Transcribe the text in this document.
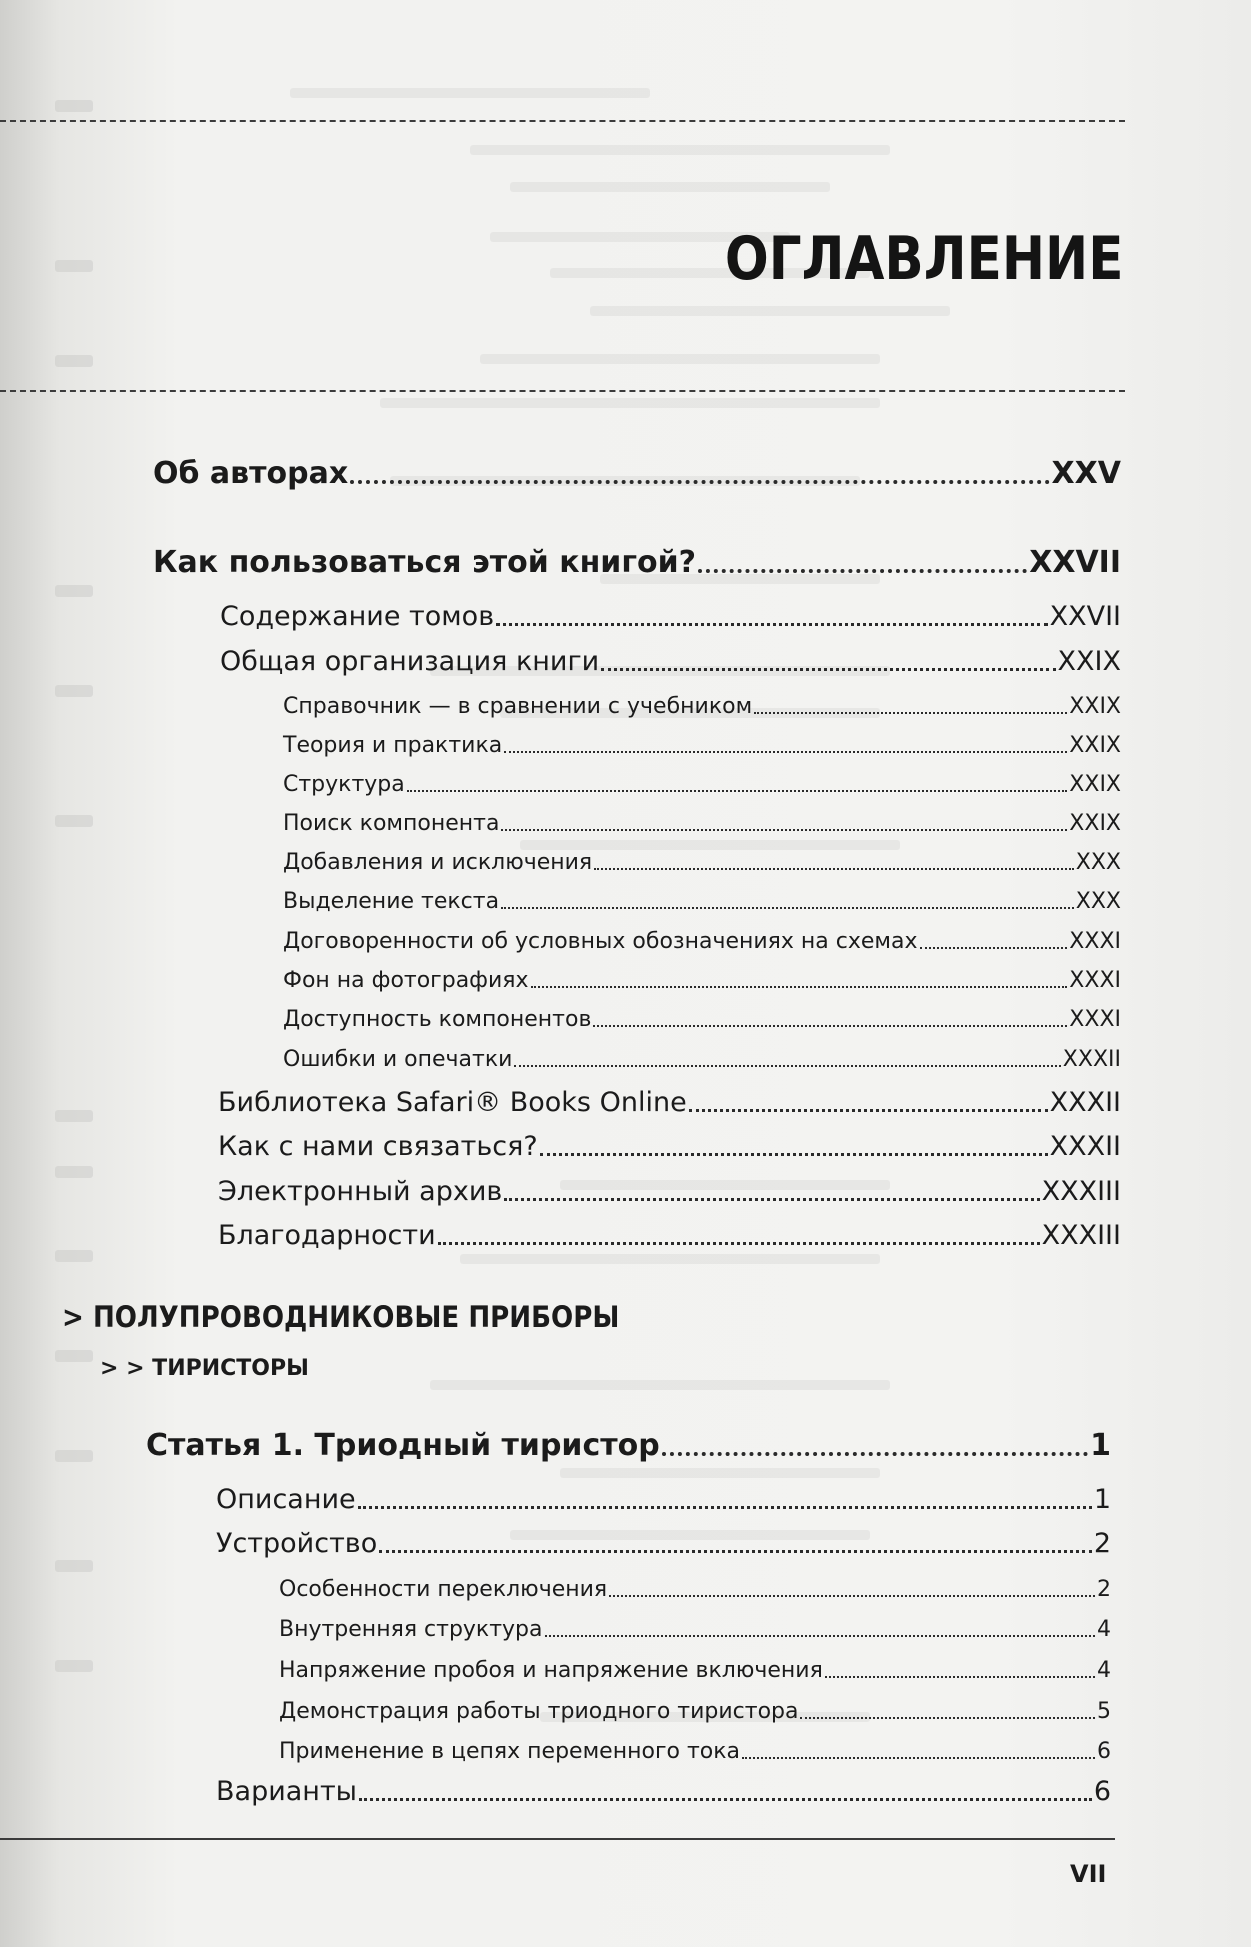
ОГЛАВЛЕНИЕ
Об авторах	XXV
Как пользоваться этой книгой?	XXVII
Содержание томов	XXVII
Общая организация книги	XXIX
Справочник — в сравнении с учебником	XXIX
Теория и практика	XXIX
Структура	XXIX
Поиск компонента	XXIX
Добавления и исключения	XXX
Выделение текста	XXX
Договоренности об условных обозначениях на схемах	XXXI
Фон на фотографиях	XXXI
Доступность компонентов	XXXI
Ошибки и опечатки	XXXII
Библиотека Safari® Books Online	XXXII
Как с нами связаться?	XXXII
Электронный архив	XXXIII
Благодарности	XXXIII
> ПОЛУПРОВОДНИКОВЫЕ ПРИБОРЫ
> > ТИРИСТОРЫ
Статья 1. Триодный тиристор	1
Описание	1
Устройство	2
Особенности переключения	2
Внутренняя структура	4
Напряжение пробоя и напряжение включения	4
Демонстрация работы триодного тиристора	5
Применение в цепях переменного тока	6
Варианты	6
VII
